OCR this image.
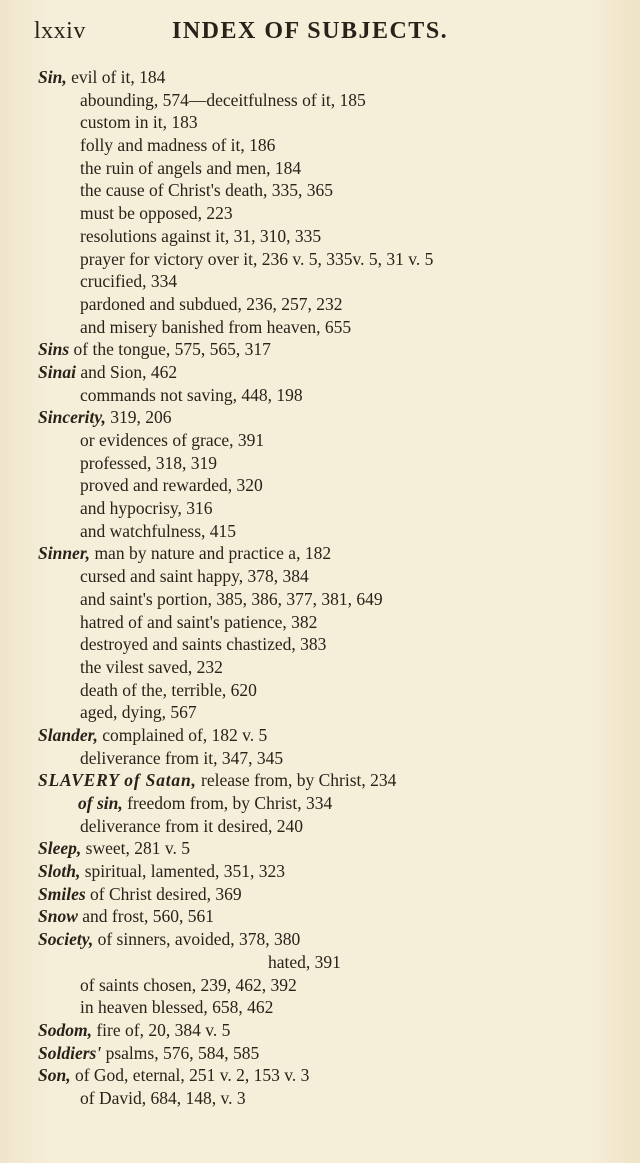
lxxiv	INDEX OF SUBJECTS.
Sin, evil of it, 184
abounding, 574—deceitfulness of it, 185
custom in it, 183
folly and madness of it, 186
the ruin of angels and men, 184
the cause of Christ's death, 335, 365
must be opposed, 223
resolutions against it, 31, 310, 335
prayer for victory over it, 236 v. 5, 335v. 5, 31 v. 5
crucified, 334
pardoned and subdued, 236, 257, 232
and misery banished from heaven, 655
Sins of the tongue, 575, 565, 317
Sinai and Sion, 462
commands not saving, 448, 198
Sincerity, 319, 206
or evidences of grace, 391
professed, 318, 319
proved and rewarded, 320
and hypocrisy, 316
and watchfulness, 415
Sinner, man by nature and practice a, 182
cursed and saint happy, 378, 384
and saint's portion, 385, 386, 377, 381, 649
hatred of and saint's patience, 382
destroyed and saints chastized, 383
the vilest saved, 232
death of the, terrible, 620
aged, dying, 567
Slander, complained of, 182 v. 5
deliverance from it, 347, 345
SLAVERY of Satan, release from, by Christ, 234
of sin, freedom from, by Christ, 334
deliverance from it desired, 240
Sleep, sweet, 281 v. 5
Sloth, spiritual, lamented, 351, 323
Smiles of Christ desired, 369
Snow and frost, 560, 561
Society, of sinners, avoided, 378, 380
hated, 391
of saints chosen, 239, 462, 392
in heaven blessed, 658, 462
Sodom, fire of, 20, 384 v. 5
Soldiers' psalms, 576, 584, 585
Son, of God, eternal, 251 v. 2, 153 v. 3
of David, 684, 148, v. 3
